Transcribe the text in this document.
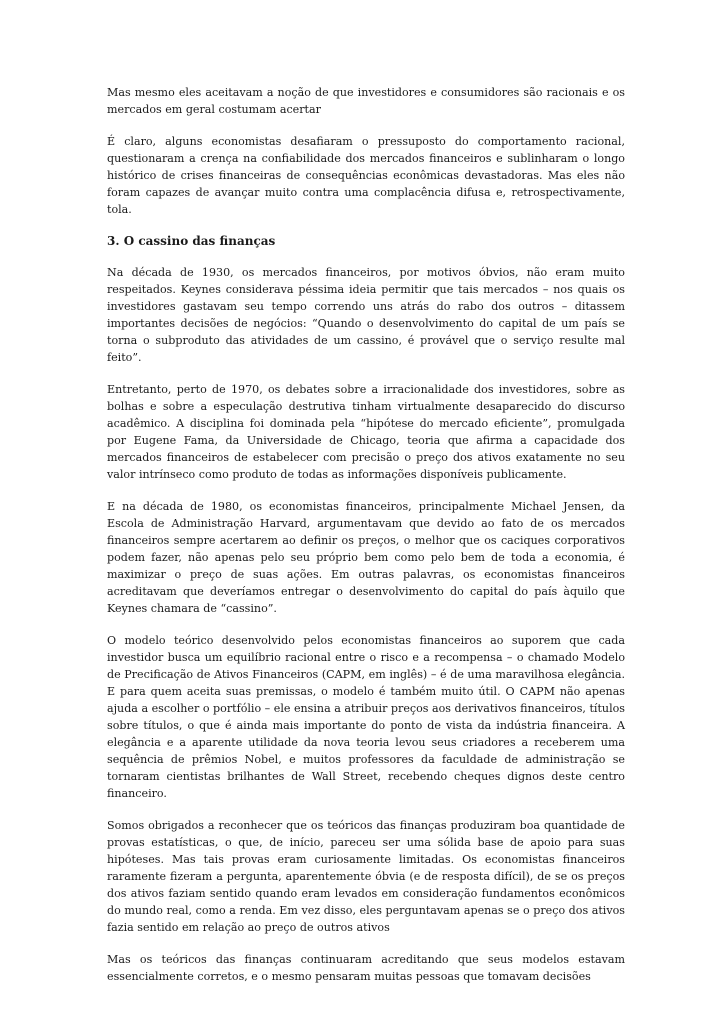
Mas mesmo eles aceitavam a noção de que investidores e consumidores são racionais e os mercados em geral costumam acertar

É claro, alguns economistas desafiaram o pressuposto do comportamento racional, questionaram a crença na confiabilidade dos mercados financeiros e sublinharam o longo histórico de crises financeiras de consequências econômicas devastadoras. Mas eles não foram capazes de avançar muito contra uma complacência difusa e, retrospectivamente, tola.

3. O cassino das finanças

Na década de 1930, os mercados financeiros, por motivos óbvios, não eram muito respeitados. Keynes considerava péssima ideia permitir que tais mercados – nos quais os investidores gastavam seu tempo correndo uns atrás do rabo dos outros – ditassem importantes decisões de negócios: “Quando o desenvolvimento do capital de um país se torna o subproduto das atividades de um cassino, é provável que o serviço resulte mal feito”.

Entretanto, perto de 1970, os debates sobre a irracionalidade dos investidores, sobre as bolhas e sobre a especulação destrutiva tinham virtualmente desaparecido do discurso acadêmico. A disciplina foi dominada pela “hipótese do mercado eficiente”, promulgada por Eugene Fama, da Universidade de Chicago, teoria que afirma a capacidade dos mercados financeiros de estabelecer com precisão o preço dos ativos exatamente no seu valor intrínseco como produto de todas as informações disponíveis publicamente.

E na década de 1980, os economistas financeiros, principalmente Michael Jensen, da Escola de Administração Harvard, argumentavam que devido ao fato de os mercados financeiros sempre acertarem ao definir os preços, o melhor que os caciques corporativos podem fazer, não apenas pelo seu próprio bem como pelo bem de toda a economia, é maximizar o preço de suas ações. Em outras palavras, os economistas financeiros acreditavam que deveríamos entregar o desenvolvimento do capital do país àquilo que Keynes chamara de “cassino”.

O modelo teórico desenvolvido pelos economistas financeiros ao suporem que cada investidor busca um equilíbrio racional entre o risco e a recompensa – o chamado Modelo de Precificação de Ativos Financeiros (CAPM, em inglês) – é de uma maravilhosa elegância. E para quem aceita suas premissas, o modelo é também muito útil. O CAPM não apenas ajuda a escolher o portfólio – ele ensina a atribuir preços aos derivativos financeiros, títulos sobre títulos, o que é ainda mais importante do ponto de vista da indústria financeira. A elegância e a aparente utilidade da nova teoria levou seus criadores a receberem uma sequência de prêmios Nobel, e muitos professores da faculdade de administração se tornaram cientistas brilhantes de Wall Street, recebendo cheques dignos deste centro financeiro.

Somos obrigados a reconhecer que os teóricos das finanças produziram boa quantidade de provas estatísticas, o que, de início, pareceu ser uma sólida base de apoio para suas hipóteses. Mas tais provas eram curiosamente limitadas. Os economistas financeiros raramente fizeram a pergunta, aparentemente óbvia (e de resposta difícil), de se os preços dos ativos faziam sentido quando eram levados em consideração fundamentos econômicos do mundo real, como a renda. Em vez disso, eles perguntavam apenas se o preço dos ativos fazia sentido em relação ao preço de outros ativos

Mas os teóricos das finanças continuaram acreditando que seus modelos estavam essencialmente corretos, e o mesmo pensaram muitas pessoas que tomavam decisões
